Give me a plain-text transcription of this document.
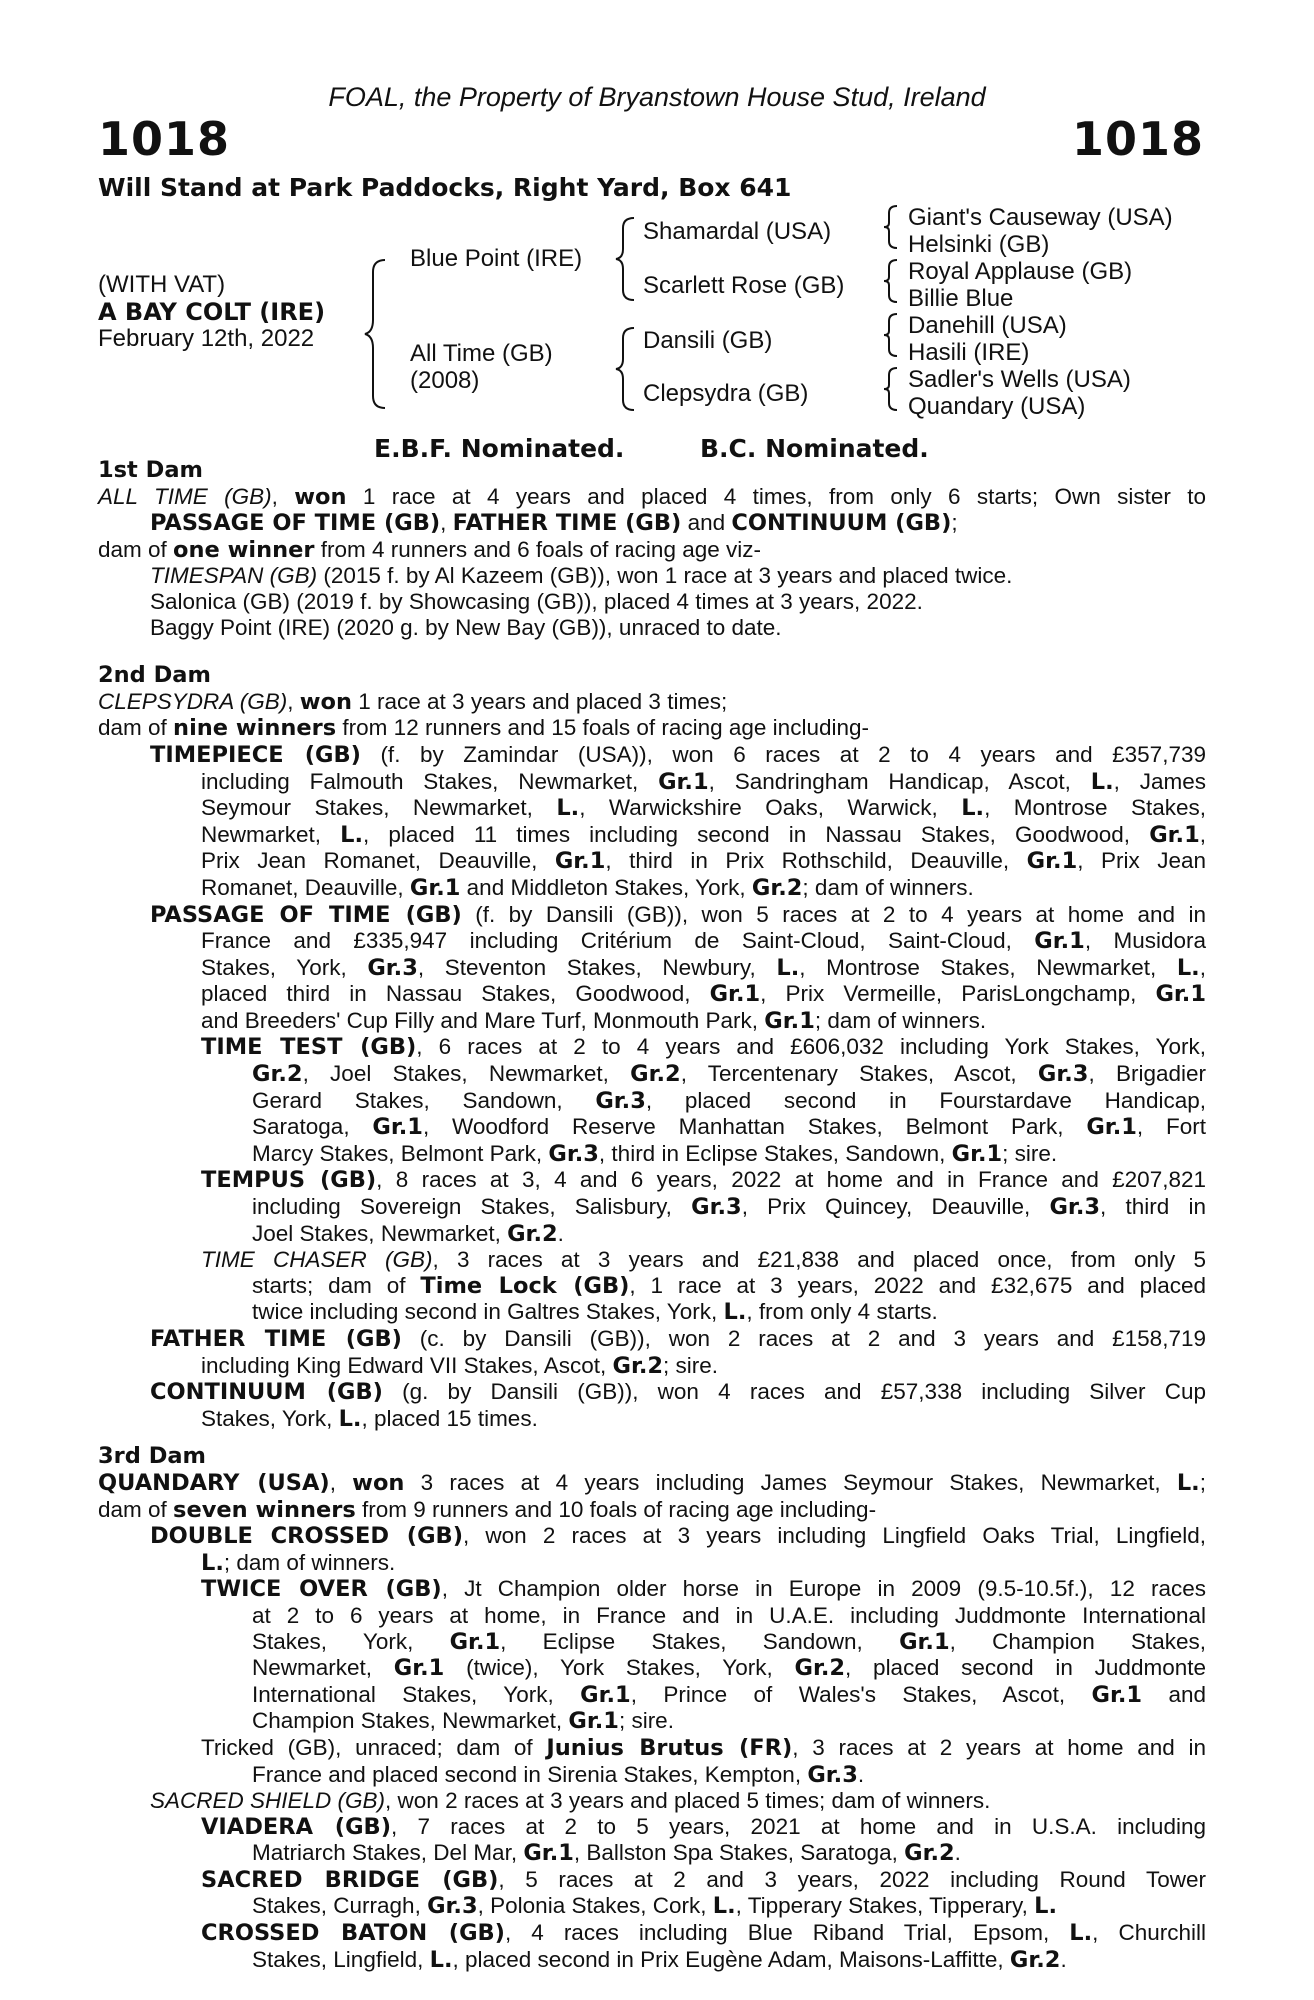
FOAL, the Property of Bryanstown House Stud, Ireland
1018	1018
Will Stand at Park Paddocks, Right Yard, Box 641
(WITH VAT)
A BAY COLT (IRE)
February 12th, 2022
Blue Point (IRE)
All Time (GB)
(2008)
Shamardal (USA)
Scarlett Rose (GB)
Dansili (GB)
Clepsydra (GB)
Giant's Causeway (USA)
Helsinki (GB)
Royal Applause (GB)
Billie Blue
Danehill (USA)
Hasili (IRE)
Sadler's Wells (USA)
Quandary (USA)
E.B.F. Nominated.	B.C. Nominated.
1st Dam
ALL TIME (GB), won 1 race at 4 years and placed 4 times, from only 6 starts; Own sister to
PASSAGE OF TIME (GB), FATHER TIME (GB) and CONTINUUM (GB);
dam of one winner from 4 runners and 6 foals of racing age viz-
TIMESPAN (GB) (2015 f. by Al Kazeem (GB)), won 1 race at 3 years and placed twice.
Salonica (GB) (2019 f. by Showcasing (GB)), placed 4 times at 3 years, 2022.
Baggy Point (IRE) (2020 g. by New Bay (GB)), unraced to date.
2nd Dam
CLEPSYDRA (GB), won 1 race at 3 years and placed 3 times;
dam of nine winners from 12 runners and 15 foals of racing age including-
TIMEPIECE (GB) (f. by Zamindar (USA)), won 6 races at 2 to 4 years and £357,739
including Falmouth Stakes, Newmarket, Gr.1, Sandringham Handicap, Ascot, L., James
Seymour Stakes, Newmarket, L., Warwickshire Oaks, Warwick, L., Montrose Stakes,
Newmarket, L., placed 11 times including second in Nassau Stakes, Goodwood, Gr.1,
Prix Jean Romanet, Deauville, Gr.1, third in Prix Rothschild, Deauville, Gr.1, Prix Jean
Romanet, Deauville, Gr.1 and Middleton Stakes, York, Gr.2; dam of winners.
PASSAGE OF TIME (GB) (f. by Dansili (GB)), won 5 races at 2 to 4 years at home and in
France and £335,947 including Critérium de Saint-Cloud, Saint-Cloud, Gr.1, Musidora
Stakes, York, Gr.3, Steventon Stakes, Newbury, L., Montrose Stakes, Newmarket, L.,
placed third in Nassau Stakes, Goodwood, Gr.1, Prix Vermeille, ParisLongchamp, Gr.1
and Breeders' Cup Filly and Mare Turf, Monmouth Park, Gr.1; dam of winners.
TIME TEST (GB), 6 races at 2 to 4 years and £606,032 including York Stakes, York,
Gr.2, Joel Stakes, Newmarket, Gr.2, Tercentenary Stakes, Ascot, Gr.3, Brigadier
Gerard Stakes, Sandown, Gr.3, placed second in Fourstardave Handicap,
Saratoga, Gr.1, Woodford Reserve Manhattan Stakes, Belmont Park, Gr.1, Fort
Marcy Stakes, Belmont Park, Gr.3, third in Eclipse Stakes, Sandown, Gr.1; sire.
TEMPUS (GB), 8 races at 3, 4 and 6 years, 2022 at home and in France and £207,821
including Sovereign Stakes, Salisbury, Gr.3, Prix Quincey, Deauville, Gr.3, third in
Joel Stakes, Newmarket, Gr.2.
TIME CHASER (GB), 3 races at 3 years and £21,838 and placed once, from only 5
starts; dam of Time Lock (GB), 1 race at 3 years, 2022 and £32,675 and placed
twice including second in Galtres Stakes, York, L., from only 4 starts.
FATHER TIME (GB) (c. by Dansili (GB)), won 2 races at 2 and 3 years and £158,719
including King Edward VII Stakes, Ascot, Gr.2; sire.
CONTINUUM (GB) (g. by Dansili (GB)), won 4 races and £57,338 including Silver Cup
Stakes, York, L., placed 15 times.
3rd Dam
QUANDARY (USA), won 3 races at 4 years including James Seymour Stakes, Newmarket, L.;
dam of seven winners from 9 runners and 10 foals of racing age including-
DOUBLE CROSSED (GB), won 2 races at 3 years including Lingfield Oaks Trial, Lingfield,
L.; dam of winners.
TWICE OVER (GB), Jt Champion older horse in Europe in 2009 (9.5-10.5f.), 12 races
at 2 to 6 years at home, in France and in U.A.E. including Juddmonte International
Stakes, York, Gr.1, Eclipse Stakes, Sandown, Gr.1, Champion Stakes,
Newmarket, Gr.1 (twice), York Stakes, York, Gr.2, placed second in Juddmonte
International Stakes, York, Gr.1, Prince of Wales's Stakes, Ascot, Gr.1 and
Champion Stakes, Newmarket, Gr.1; sire.
Tricked (GB), unraced; dam of Junius Brutus (FR), 3 races at 2 years at home and in
France and placed second in Sirenia Stakes, Kempton, Gr.3.
SACRED SHIELD (GB), won 2 races at 3 years and placed 5 times; dam of winners.
VIADERA (GB), 7 races at 2 to 5 years, 2021 at home and in U.S.A. including
Matriarch Stakes, Del Mar, Gr.1, Ballston Spa Stakes, Saratoga, Gr.2.
SACRED BRIDGE (GB), 5 races at 2 and 3 years, 2022 including Round Tower
Stakes, Curragh, Gr.3, Polonia Stakes, Cork, L., Tipperary Stakes, Tipperary, L.
CROSSED BATON (GB), 4 races including Blue Riband Trial, Epsom, L., Churchill
Stakes, Lingfield, L., placed second in Prix Eugène Adam, Maisons-Laffitte, Gr.2.
